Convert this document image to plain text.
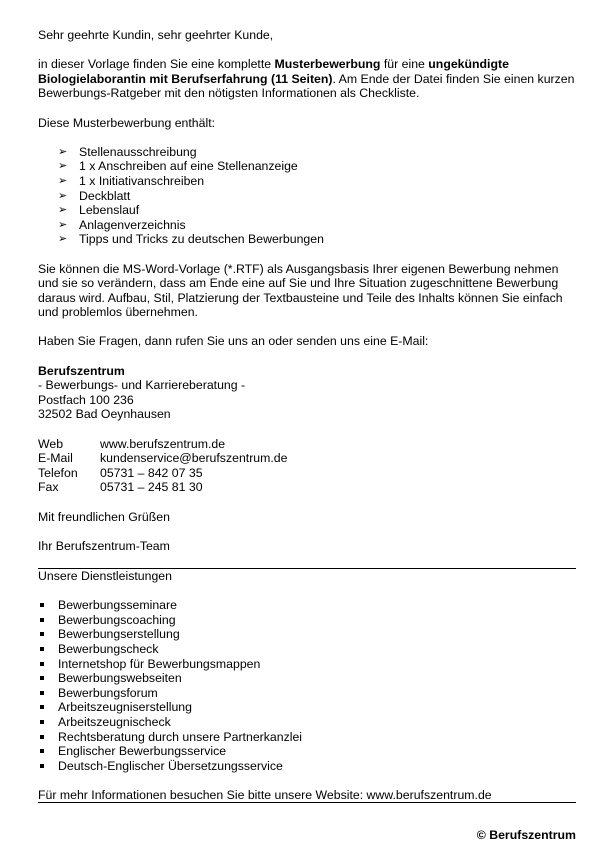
Sehr geehrte Kundin, sehr geehrter Kunde,

in dieser Vorlage finden Sie eine komplette Musterbewerbung für eine ungekündigte Biologielaborantin mit Berufserfahrung (11 Seiten). Am Ende der Datei finden Sie einen kurzen Bewerbungs-Ratgeber mit den nötigsten Informationen als Checkliste.

Diese Musterbewerbung enthält:

➢ Stellenausschreibung
➢ 1 x Anschreiben auf eine Stellenanzeige
➢ 1 x Initiativanschreiben
➢ Deckblatt
➢ Lebenslauf
➢ Anlagenverzeichnis
➢ Tipps und Tricks zu deutschen Bewerbungen

Sie können die MS-Word-Vorlage (*.RTF) als Ausgangsbasis Ihrer eigenen Bewerbung nehmen und sie so verändern, dass am Ende eine auf Sie und Ihre Situation zugeschnittene Bewerbung daraus wird. Aufbau, Stil, Platzierung der Textbausteine und Teile des Inhalts können Sie einfach und problemlos übernehmen.

Haben Sie Fragen, dann rufen Sie uns an oder senden uns eine E-Mail:

Berufszentrum

- Bewerbungs- und Karriereberatung -

Postfach 100 236

32502 Bad Oeynhausen

Web	www.berufszentrum.de
E-Mail	kundenservice@berufszentrum.de
Telefon	05731 – 842 07 35
Fax	05731 – 245 81 30

Mit freundlichen Grüßen

Ihr Berufszentrum-Team

Unsere Dienstleistungen

Bewerbungsseminare
Bewerbungscoaching
Bewerbungserstellung
Bewerbungscheck
Internetshop für Bewerbungsmappen
Bewerbungswebseiten
Bewerbungsforum
Arbeitszeugniserstellung
Arbeitszeugnischeck
Rechtsberatung durch unsere Partnerkanzlei
Englischer Bewerbungsservice
Deutsch-Englischer Übersetzungsservice

Für mehr Informationen besuchen Sie bitte unsere Website: www.berufszentrum.de

© Berufszentrum
